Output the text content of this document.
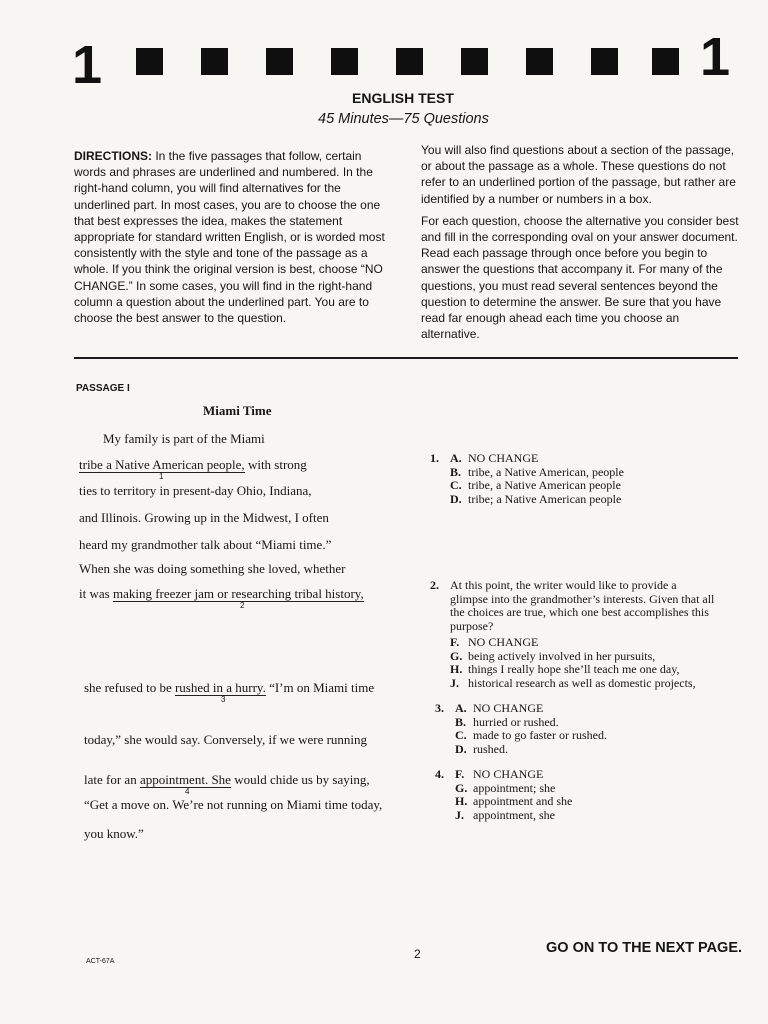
1	1
ENGLISH TEST
45 Minutes—75 Questions

DIRECTIONS: In the five passages that follow, certain words and phrases are underlined and numbered. In the right-hand column, you will find alternatives for the underlined part. In most cases, you are to choose the one that best expresses the idea, makes the statement appropriate for standard written English, or is worded most consistently with the style and tone of the passage as a whole. If you think the original version is best, choose “NO CHANGE.” In some cases, you will find in the right-hand column a question about the underlined part. You are to choose the best answer to the question.

You will also find questions about a section of the passage, or about the passage as a whole. These questions do not refer to an underlined portion of the passage, but rather are identified by a number or numbers in a box.

For each question, choose the alternative you consider best and fill in the corresponding oval on your answer document. Read each passage through once before you begin to answer the questions that accompany it. For many of the questions, you must read several sentences beyond the question to determine the answer. Be sure that you have read far enough ahead each time you choose an alternative.

PASSAGE I
Miami Time
My family is part of the Miami
tribe a Native American people,
1
with strong
ties to territory in present-day Ohio, Indiana,
and Illinois. Growing up in the Midwest, I often
heard my grandmother talk about “Miami time.”
When she was doing something she loved, whether
it was making freezer jam or researching tribal history,
2
she refused to be rushed in a hurry.
3
“I’m on Miami time
today,” she would say. Conversely, if we were running
late for an appointment. She
4
would chide us by saying,
“Get a move on. We’re not running on Miami time today,
you know.”
1. A. NO CHANGE
B. tribe, a Native American, people
C. tribe, a Native American people
D. tribe; a Native American people
2. At this point, the writer would like to provide a
glimpse into the grandmother’s interests. Given that all
the choices are true, which one best accomplishes this
purpose?
F. NO CHANGE
G. being actively involved in her pursuits,
H. things I really hope she’ll teach me one day,
J. historical research as well as domestic projects,
3. A. NO CHANGE
B. hurried or rushed.
C. made to go faster or rushed.
D. rushed.
4. F. NO CHANGE
G. appointment; she
H. appointment and she
J. appointment, she
ACT-67A
2	GO ON TO THE NEXT PAGE.
